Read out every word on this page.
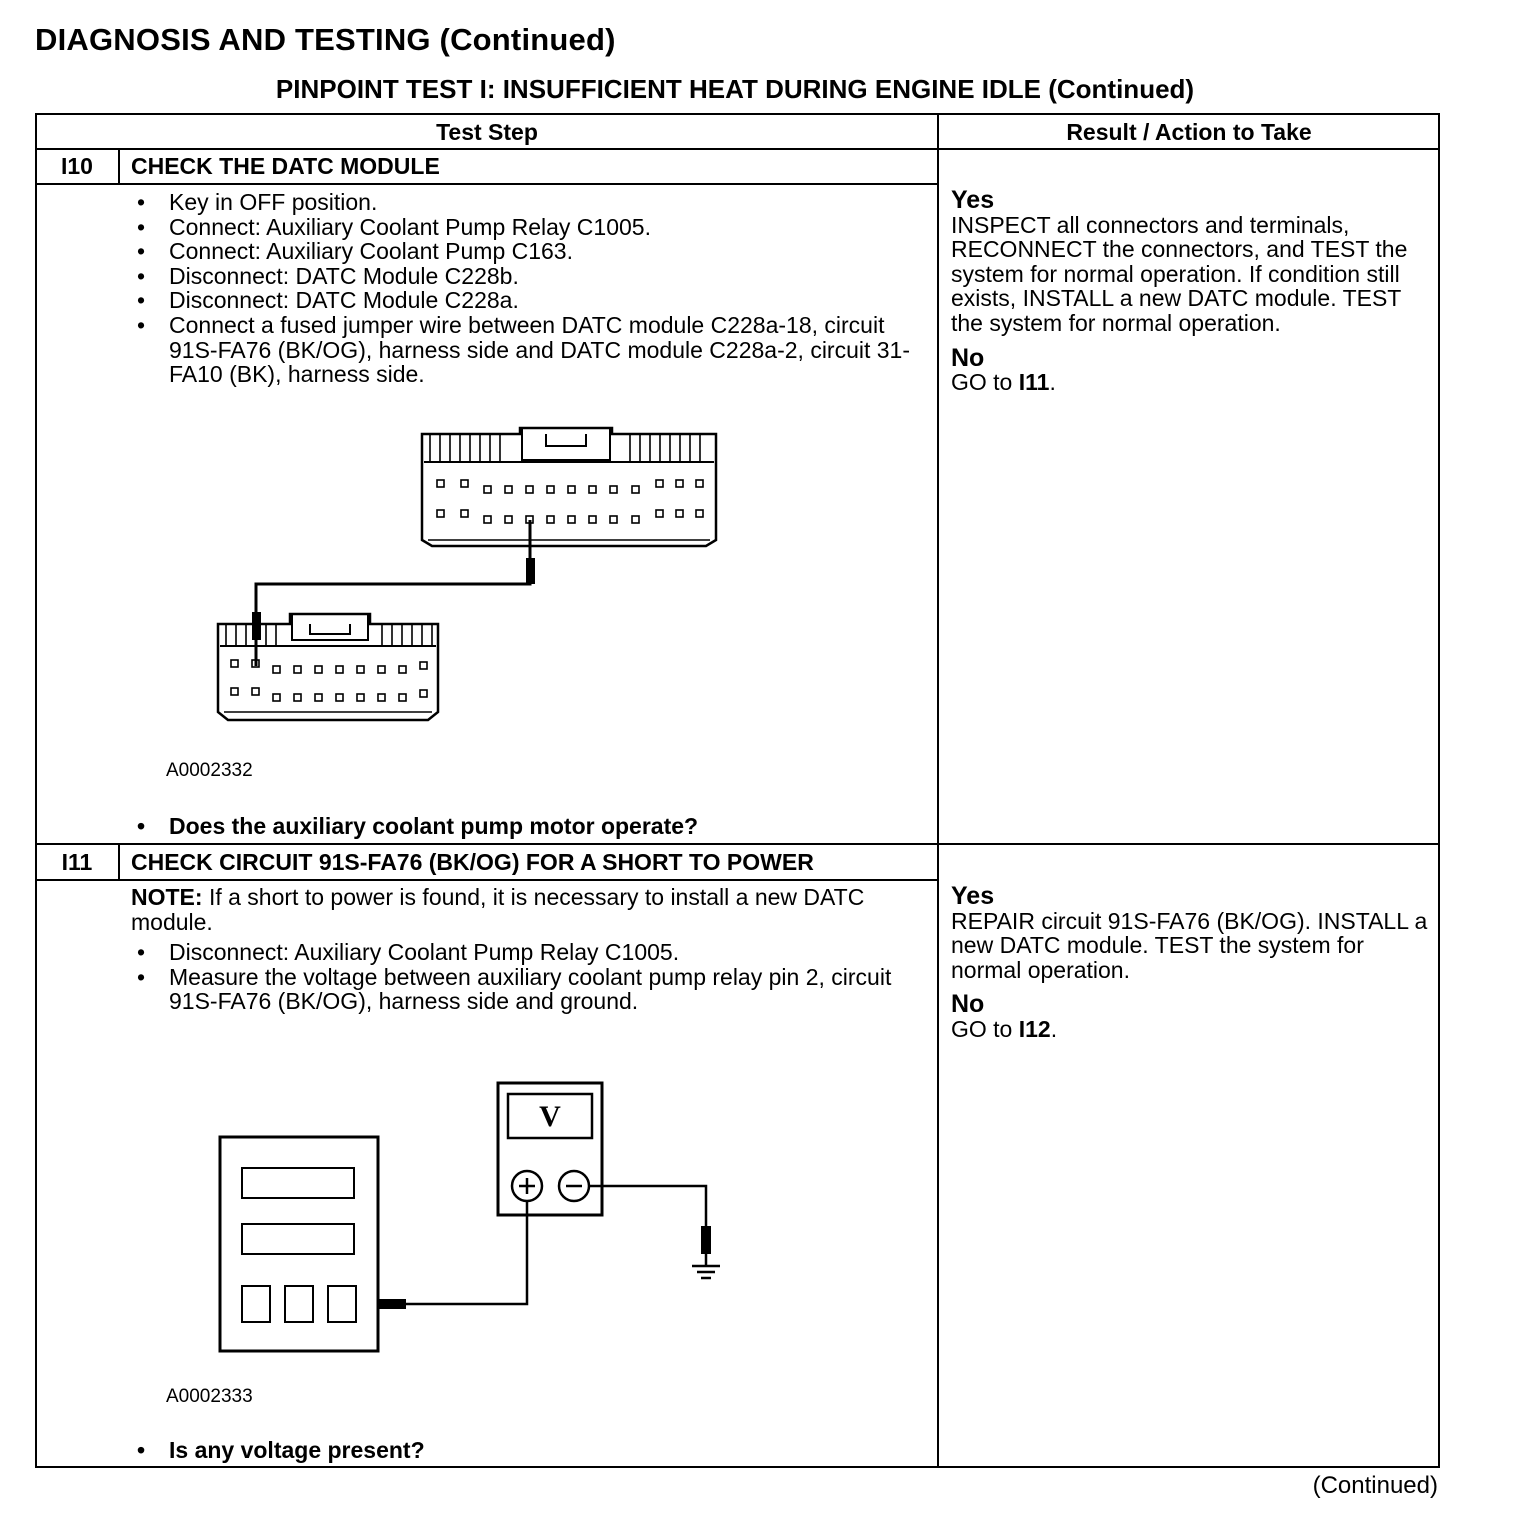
DIAGNOSIS AND TESTING (Continued)
PINPOINT TEST I: INSUFFICIENT HEAT DURING ENGINE IDLE (Continued)
Test Step	Result / Action to Take
I10	CHECK THE DATC MODULE
• Key in OFF position.
• Connect: Auxiliary Coolant Pump Relay C1005.
• Connect: Auxiliary Coolant Pump C163.
• Disconnect: DATC Module C228b.
• Disconnect: DATC Module C228a.
• Connect a fused jumper wire between DATC module C228a-18, circuit 91S-FA76 (BK/OG), harness side and DATC module C228a-2, circuit 31-FA10 (BK), harness side.
A0002332
• Does the auxiliary coolant pump motor operate?
Yes
INSPECT all connectors and terminals, RECONNECT the connectors, and TEST the system for normal operation. If condition still exists, INSTALL a new DATC module. TEST the system for normal operation.
No
GO to I11.
I11	CHECK CIRCUIT 91S-FA76 (BK/OG) FOR A SHORT TO POWER
NOTE: If a short to power is found, it is necessary to install a new DATC module.
• Disconnect: Auxiliary Coolant Pump Relay C1005.
• Measure the voltage between auxiliary coolant pump relay pin 2, circuit 91S-FA76 (BK/OG), harness side and ground.
V
A0002333
• Is any voltage present?
Yes
REPAIR circuit 91S-FA76 (BK/OG). INSTALL a new DATC module. TEST the system for normal operation.
No
GO to I12.
(Continued)
